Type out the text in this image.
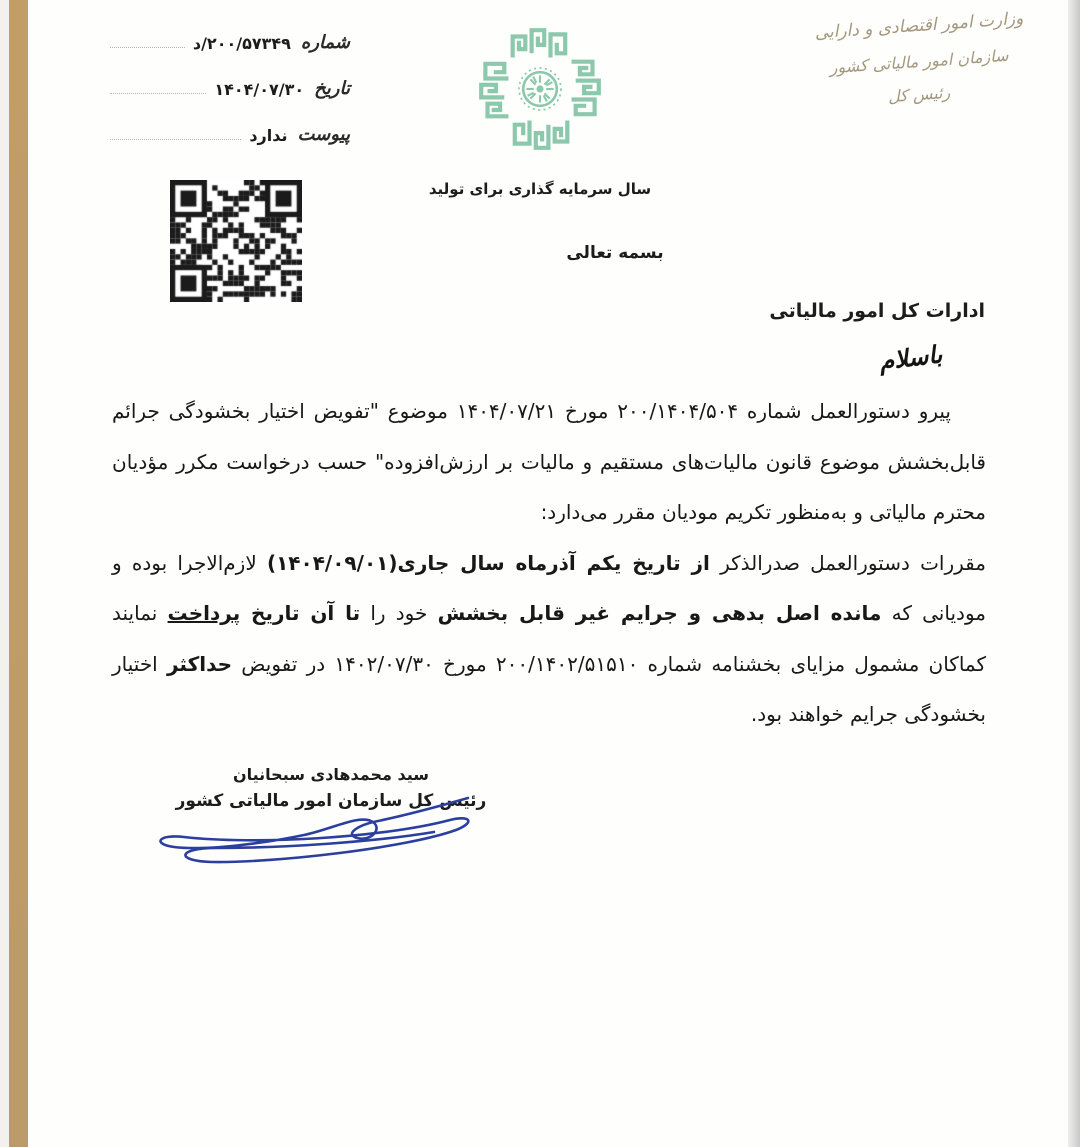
شماره
۲۰۰/۵۷۳۴۹/د
تاریخ
۱۴۰۴/۰۷/۳۰
پیوست
ندارد
وزارت امور اقتصادی و دارایی
سازمان امور مالیاتی کشور
رئیس کل
سال سرمایه گذاری برای تولید
بسمه تعالی
ادارات کل امور مالیاتی
باسلام

پیرو دستورالعمل شماره ۲۰۰/۱۴۰۴/۵۰۴ مورخ ۱۴۰۴/۰۷/۲۱ موضوع "تفویض اختیار بخشودگی جرائم قابل‌بخشش موضوع قانون مالیات‌های مستقیم و مالیات بر ارزش‌افزوده" حسب درخواست مکرر مؤدیان محترم مالیاتی و به‌منظور تکریم مودیان مقرر می‌دارد:

مقررات دستورالعمل صدرالذکر از تاریخ یکم آذرماه سال جاری(۱۴۰۴/۰۹/۰۱) لازم‌الاجرا بوده و مودیانی که مانده اصل بدهی و جرایم غیر قابل بخشش خود را تا آن تاریخ پرداخت نمایند کماکان مشمول مزایای بخشنامه شماره ۲۰۰/۱۴۰۲/۵۱۵۱۰ مورخ ۱۴۰۲/۰۷/۳۰ در تفویض حداکثر اختیار بخشودگی جرایم خواهند بود.

سید محمدهادی سبحانیان
رئیس کل سازمان امور مالیاتی کشور
